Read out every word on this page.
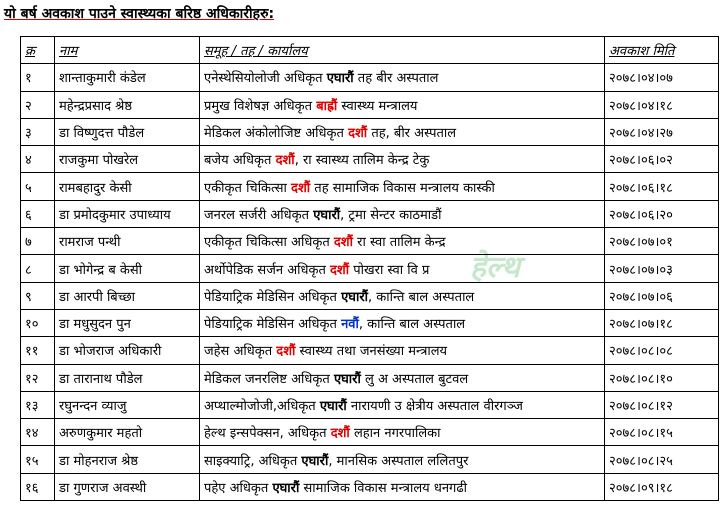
यो बर्ष अवकाश पाउने स्वास्थ्यका बरिष्ठ अधिकारीहरु:
हेल्थ
क्र	नाम	समूह / तह / कार्यालय	अवकाश मिति
१	शान्ताकुमारी कंडेल	एनेस्थेसियोलोजी अधिकृत एघारौं तह बीर अस्पताल	२०७८।०४।०७
२	महेन्द्रप्रसाद श्रेष्ठ	प्रमुख विशेषज्ञ अधिकृत बाह्रौं स्वास्थ्य मन्त्रालय	२०७८।०४।१८
३	डा विष्णुदत्त पौडेल	मेडिकल अंकोलोजिष्ट अधिकृत दशौं तह, बीर अस्पताल	२०७८।०४।२७
४	राजकुमा पोखरेल	बजेय अधिकृत दशौं, रा स्वास्थ्य तालिम केन्द्र टेकु	२०७८।०६।०२
५	रामबहादुर केसी	एकीकृत चिकित्सा दशौं तह सामाजिक विकास मन्त्रालय कास्की	२०७८।०६।१८
६	डा प्रमोदकुमार उपाध्याय	जनरल सर्जरी अधिकृत एघारौं, ट्रमा सेन्टर काठमाडौं	२०७८।०६।२०
७	रामराज पन्थी	एकीकृत चिकित्सा अधिकृत दशौं रा स्वा तालिम केन्द्र	२०७८।०७।०१
८	डा भोगेन्द्र ब केसी	अर्थोपेडिक सर्जन अधिकृत दशौं पोखरा स्वा वि प्र	२०७८।०७।०३
९	डा आरपी बिच्छा	पेडियाट्रिक मेडिसिन अधिकृत एघारौं, कान्ति बाल अस्पताल	२०७८।०७।०६
१०	डा मधुसुदन पुन	पेडियाट्रिक मेडिसिन अधिकृत नवौं, कान्ति बाल अस्पताल	२०७८।०७।१८
११	डा भोजराज अधिकारी	जहेस अधिकृत दशौं स्वास्थ्य तथा जनसंख्या मन्त्रालय	२०७८।०८।०८
१२	डा तारानाथ पौडेल	मेडिकल जनरलिष्ट अधिकृत एघारौं लु अ अस्पताल बुटवल	२०७८।०८।१०
१३	रघुनन्दन व्याजु	अप्थाल्मोजोजी,अधिकृत एघारौं नारायणी उ क्षेत्रीय अस्पताल वीरगञ्ज	२०७८।०८।१२
१४	अरुणकुमार महतो	हेल्थ इन्सपेक्सन, अधिकृत दशौं लहान नगरपालिका	२०७८।०८।१५
१५	डा मोहनराज श्रेष्ठ	साइक्याट्रि, अधिकृत एघारौं, मानसिक अस्पताल ललितपुर	२०७८।०८।२५
१६	डा गुणराज अवस्थी	पहेए अधिकृत एघारौं सामाजिक विकास मन्त्रालय धनगढी	२०७८।०९।१८
